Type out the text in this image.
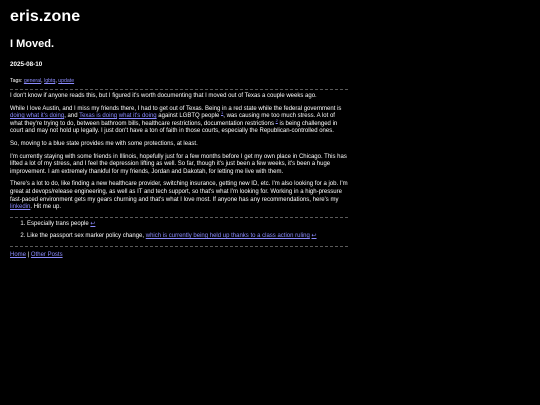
eris.zone
I Moved.
2025-08-10
Tags: general, lgbtq, update

I don't know if anyone reads this, but I figured it's worth documenting that I moved out of Texas a couple weeks ago.

While I love Austin, and I miss my friends there, I had to get out of Texas. Being in a red state while the federal government is doing what it's doing, and Texas is doing what it's doing against LGBTQ people $^1$, was causing me too much stress. A lot of what they're trying to do, between bathroom bills, healthcare restrictions, documentation restrictions $^2$ is being challenged in court and may not hold up legally. I just don't have a ton of faith in those courts, especially the Republican-controlled ones.

So, moving to a blue state provides me with some protections, at least.

I'm currently staying with some friends in Illinois, hopefully just for a few months before I get my own place in Chicago. This has lifted a lot of my stress, and I feel the depression lifting as well. So far, though it's just been a few weeks, it's been a huge improvement. I am extremely thankful for my friends, Jordan and Dakotah, for letting me live with them.

There's a lot to do, like finding a new healthcare provider, switching insurance, getting new ID, etc. I'm also looking for a job. I'm great at devops/release engineering, as well as IT and tech support, so that's what I'm looking for. Working in a high-pressure fast-paced environment gets my gears churning and that's what I love most. If anyone has any recommendations, here's my linkedin. Hit me up.

1. Especially trans people ↩
2. Like the passport sex marker policy change, which is currently being held up thanks to a class action ruling ↩
Home | Other Posts
